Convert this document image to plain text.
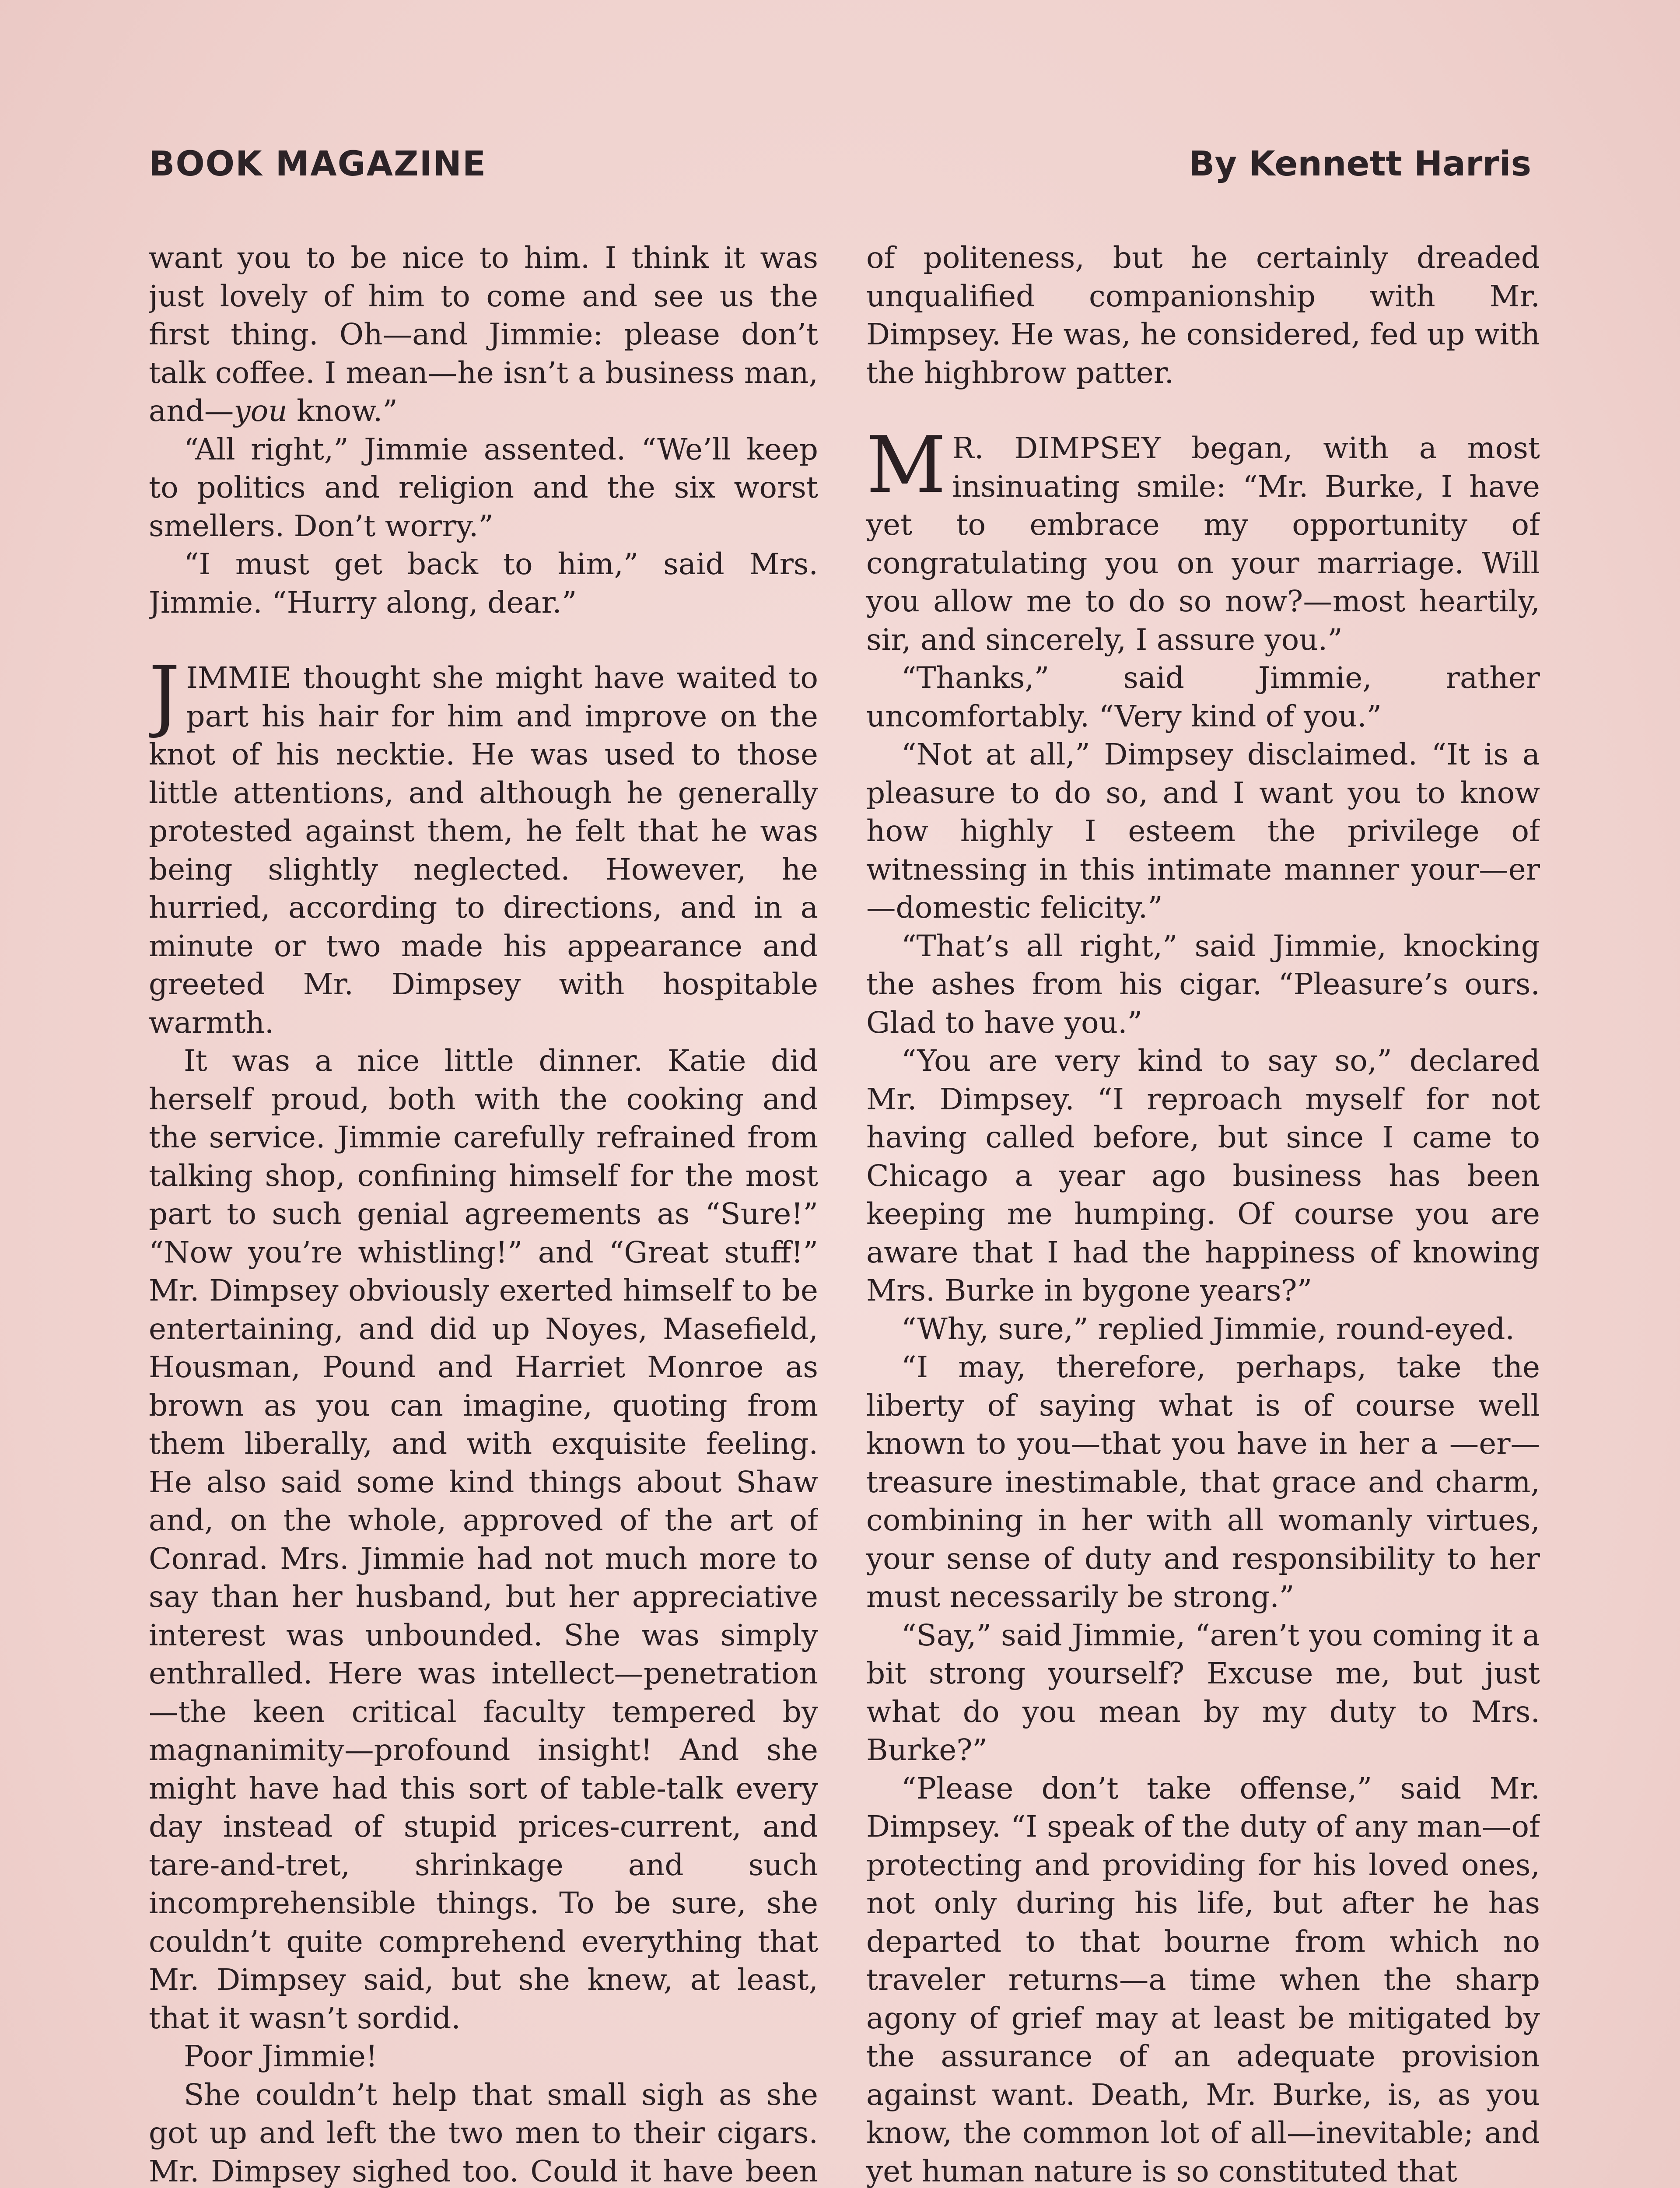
BOOK MAGAZINE	By Kennett Harris

want you to be nice to him. I think it was just lovely of him to come and see us the first thing. Oh—and Jimmie: please don’t talk coffee. I mean—he isn’t a business man, and—you know.”

“All right,” Jimmie assented. “We’ll keep to politics and religion and the six worst smellers. Don’t worry.”

“I must get back to him,” said Mrs. Jimmie. “Hurry along, dear.”

JIMMIE thought she might have waited to part his hair for him and improve on the knot of his necktie. He was used to those little attentions, and although he generally protested against them, he felt that he was being slightly neglected. However, he hurried, according to directions, and in a minute or two made his appearance and greeted Mr. Dimpsey with hospitable warmth.

It was a nice little dinner. Katie did herself proud, both with the cooking and the service. Jimmie carefully refrained from talking shop, confining himself for the most part to such genial agreements as “Sure!” “Now you’re whistling!” and “Great stuff!” Mr. Dimpsey obviously exerted himself to be entertaining, and did up Noyes, Masefield, Housman, Pound and Harriet Monroe as brown as you can imagine, quoting from them liberally, and with exquisite feeling. He also said some kind things about Shaw and, on the whole, approved of the art of Conrad. Mrs. Jimmie had not much more to say than her husband, but her appreciative interest was unbounded. She was simply enthralled. Here was intellect—penetration—the keen critical faculty tempered by magnanimity—profound insight! And she might have had this sort of table-talk every day instead of stupid prices-current, and tare-and-tret, shrinkage and such incomprehensible things. To be sure, she couldn’t quite comprehend everything that Mr. Dimpsey said, but she knew, at least, that it wasn’t sordid.

Poor Jimmie!

She couldn’t help that small sigh as she got up and left the two men to their cigars. Mr. Dimpsey sighed too. Could it have been

of politeness, but he certainly dreaded unqualified companionship with Mr. Dimpsey. He was, he considered, fed up with the highbrow patter.

M R. DIMPSEY began, with a most insinuating smile: “Mr. Burke, I have yet to embrace my opportunity of congratulating you on your marriage. Will you allow me to do so now?—most heartily, sir, and sincerely, I assure you.”

“Thanks,” said Jimmie, rather uncomfortably. “Very kind of you.”

“Not at all,” Dimpsey disclaimed. “It is a pleasure to do so, and I want you to know how highly I esteem the privilege of witnessing in this intimate manner your—er—domestic felicity.”

“That’s all right,” said Jimmie, knocking the ashes from his cigar. “Pleasure’s ours. Glad to have you.”

“You are very kind to say so,” declared Mr. Dimpsey. “I reproach myself for not having called before, but since I came to Chicago a year ago business has been keeping me humping. Of course you are aware that I had the happiness of knowing Mrs. Burke in bygone years?”

“Why, sure,” replied Jimmie, round-eyed.

“I may, therefore, perhaps, take the liberty of saying what is of course well known to you—that you have in her a —er—treasure inestimable, that grace and charm, combining in her with all womanly virtues, your sense of duty and responsibility to her must necessarily be strong.”

“Say,” said Jimmie, “aren’t you coming it a bit strong yourself? Excuse me, but just what do you mean by my duty to Mrs. Burke?”

“Please don’t take offense,” said Mr. Dimpsey. “I speak of the duty of any man—of protecting and providing for his loved ones, not only during his life, but after he has departed to that bourne from which no traveler returns—a time when the sharp agony of grief may at least be mitigated by the assurance of an adequate provision against want. Death, Mr. Burke, is, as you know, the common lot of all—inevitable; and yet human nature is so constituted that
